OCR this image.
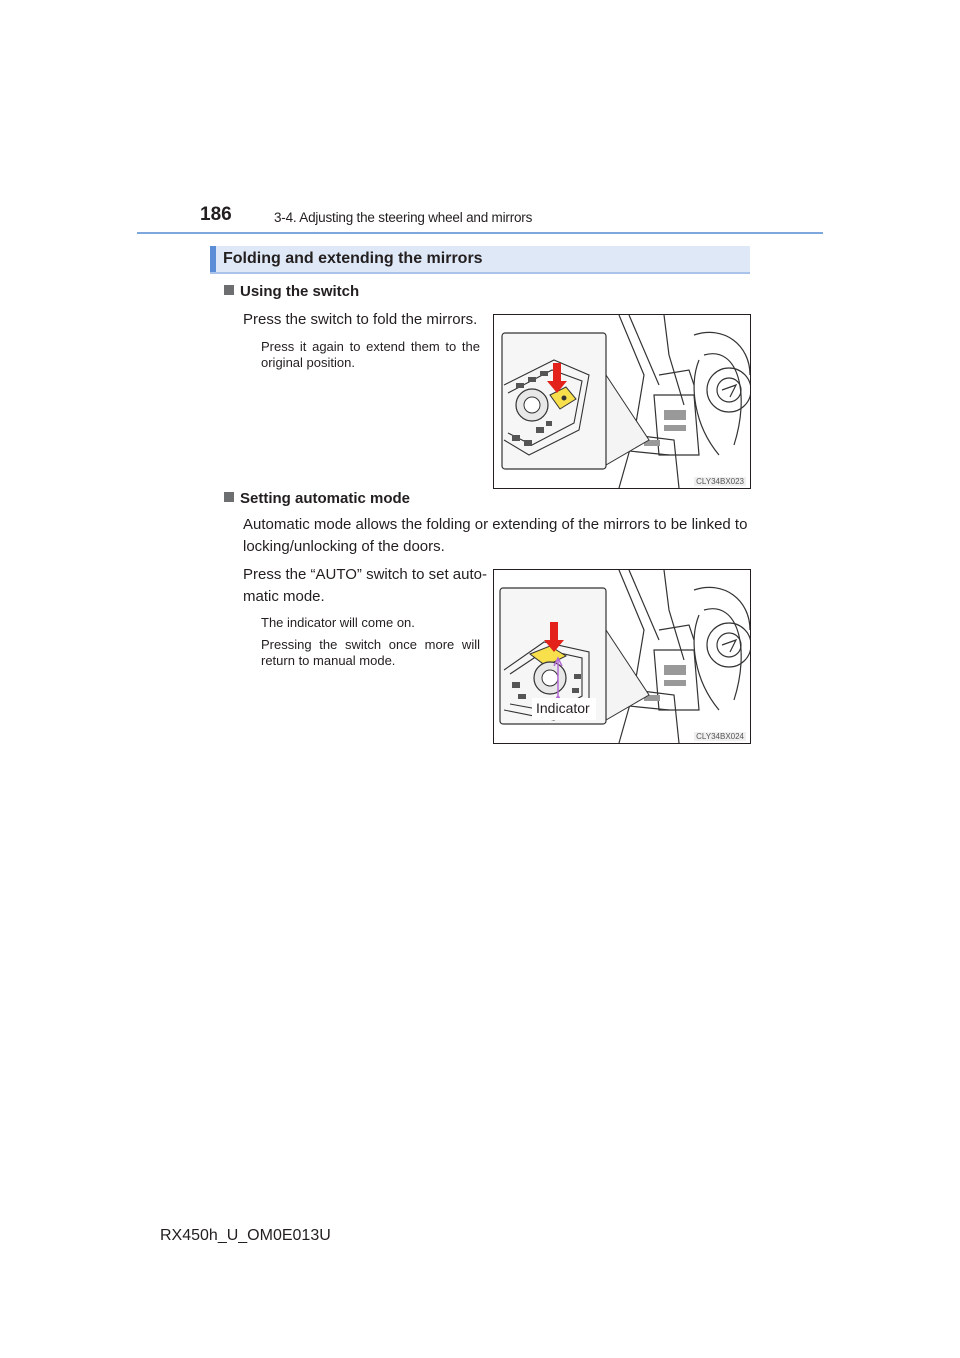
186	3-4. Adjusting the steering wheel and mirrors
Folding and extending the mirrors
Using the switch
Press the switch to fold the mirrors.
Press it again to extend them to the original position.
CLY34BX023
Setting automatic mode
Automatic mode allows the folding or extending of the mirrors to be linked to locking/unlocking of the doors.
Press the “AUTO” switch to set auto-
matic mode.
The indicator will come on.
Pressing the switch once more will return to manual mode.
Indicator
CLY34BX024
RX450h_U_OM0E013U
